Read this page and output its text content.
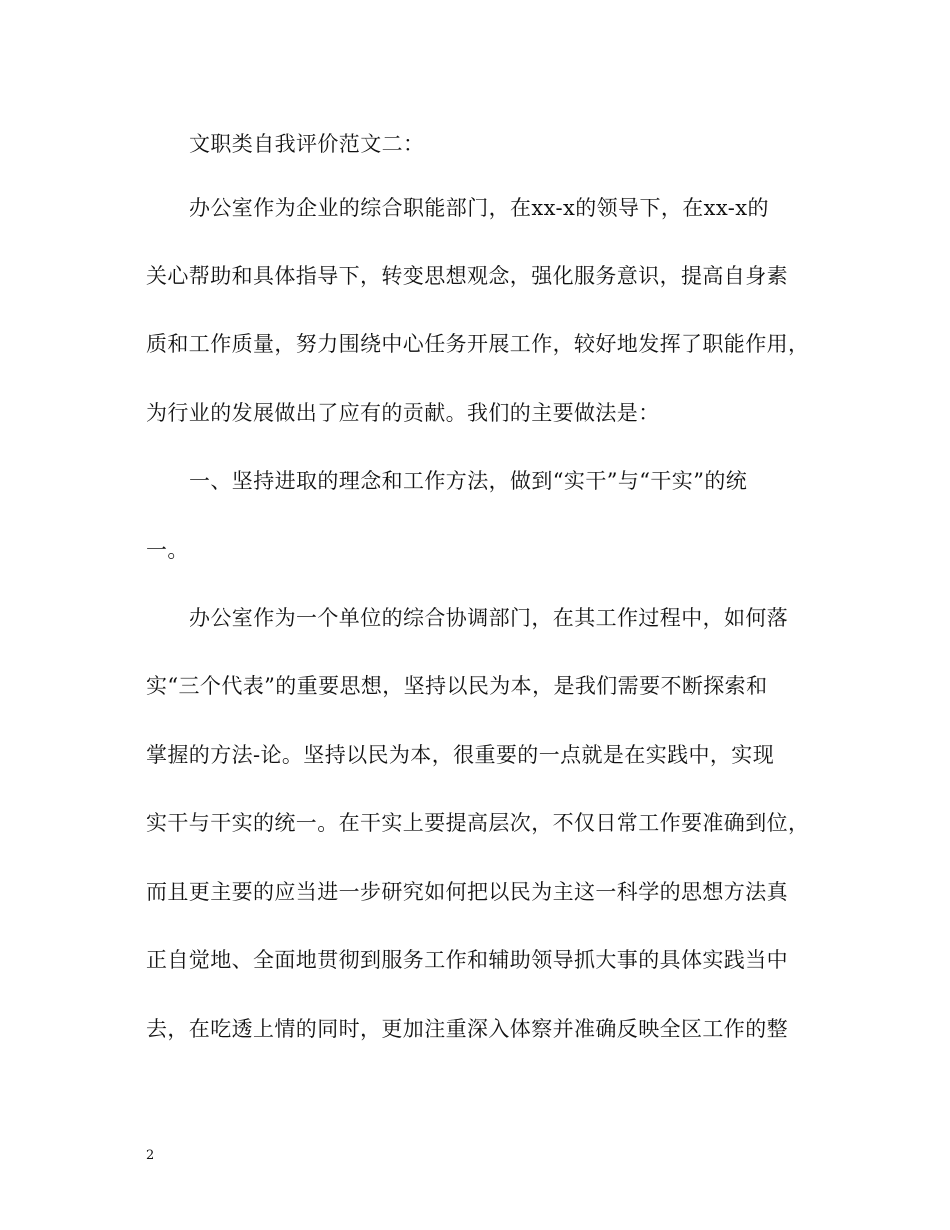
文职类自我评价范文二：
办公室作为企业的综合职能部门，在xx-x的领导下，在xx-x的
关心帮助和具体指导下，转变思想观念，强化服务意识，提高自身素
质和工作质量，努力围绕中心任务开展工作，较好地发挥了职能作用，
为行业的发展做出了应有的贡献。我们的主要做法是：
一、坚持进取的理念和工作方法，做到“实干”与“干实”的统
一。
办公室作为一个单位的综合协调部门，在其工作过程中，如何落
实“三个代表”的重要思想，坚持以民为本，是我们需要不断探索和
掌握的方法-论。坚持以民为本，很重要的一点就是在实践中，实现
实干与干实的统一。在干实上要提高层次，不仅日常工作要准确到位，
而且更主要的应当进一步研究如何把以民为主这一科学的思想方法真
正自觉地、全面地贯彻到服务工作和辅助领导抓大事的具体实践当中
去，在吃透上情的同时，更加注重深入体察并准确反映全区工作的整
2
